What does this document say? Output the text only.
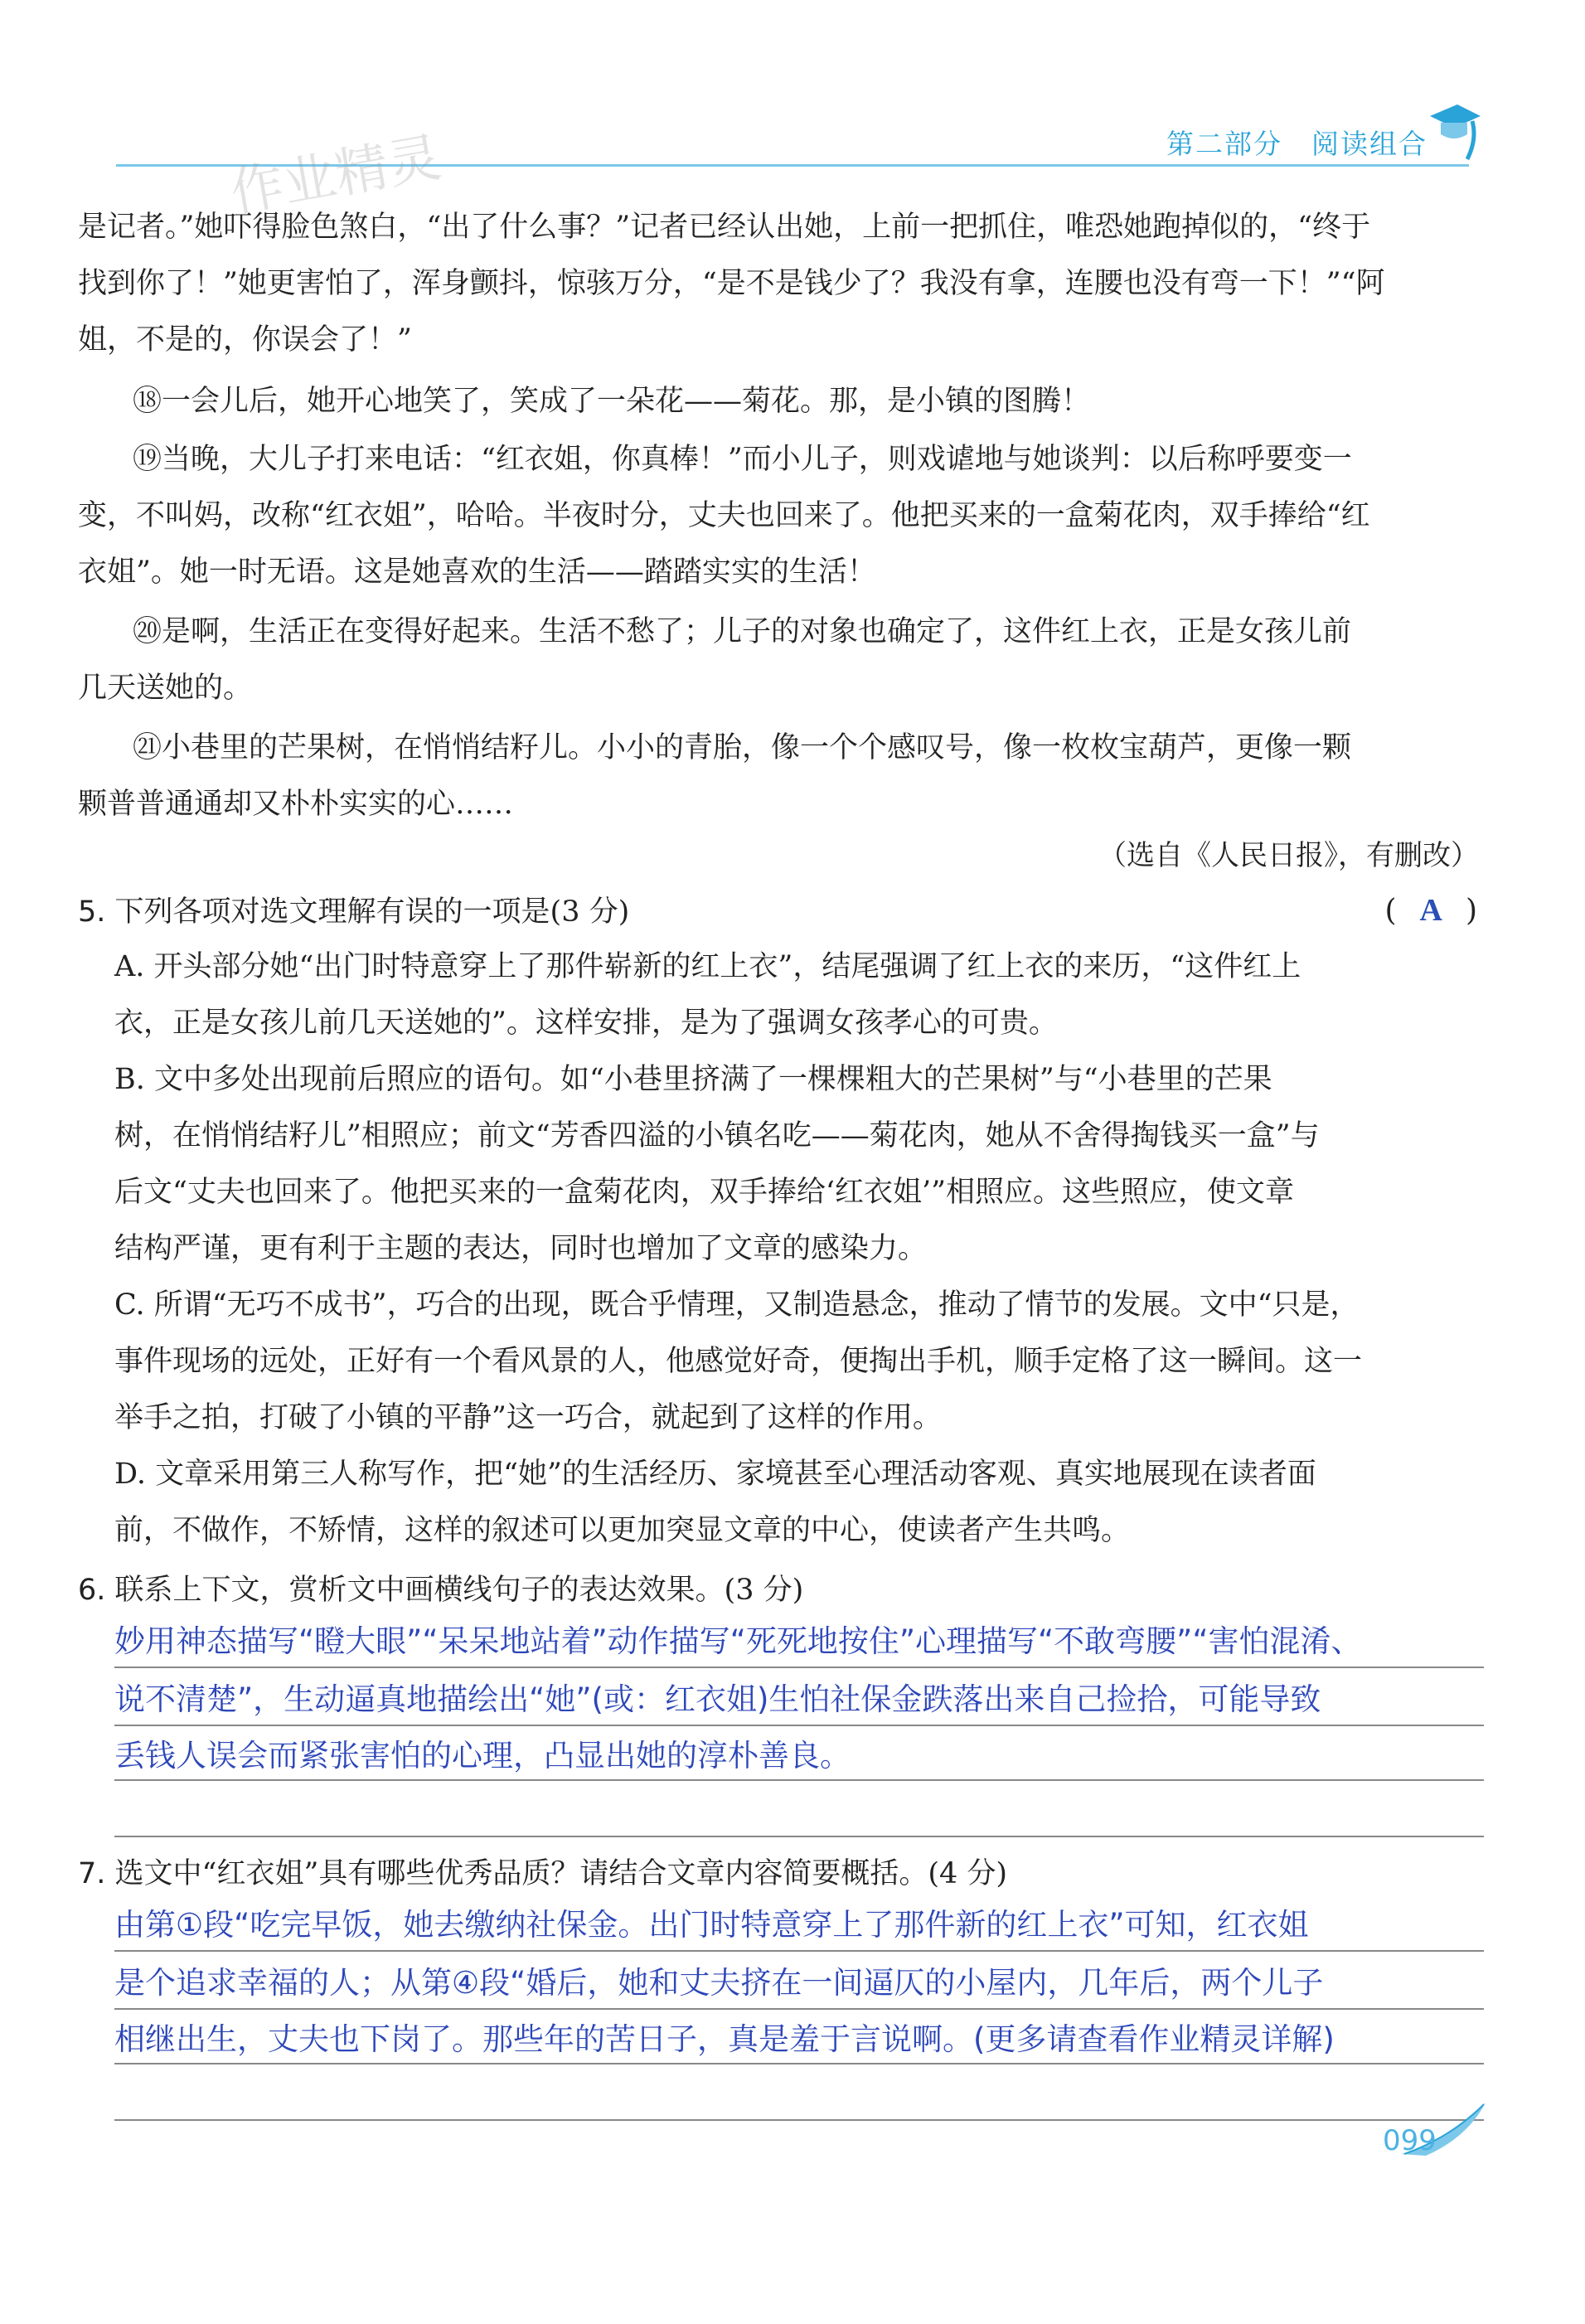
第二部分　阅读组合
作业精灵
是记者。”她吓得脸色煞白，“出了什么事？”记者已经认出她，上前一把抓住，唯恐她跑掉似的，“终于
找到你了！”她更害怕了，浑身颤抖，惊骇万分，“是不是钱少了？我没有拿，连腰也没有弯一下！”“阿
姐，不是的，你误会了！”
⑱一会儿后，她开心地笑了，笑成了一朵花——菊花。那，是小镇的图腾！
⑲当晚，大儿子打来电话：“红衣姐，你真棒！”而小儿子，则戏谑地与她谈判：以后称呼要变一
变，不叫妈，改称“红衣姐”，哈哈。半夜时分，丈夫也回来了。他把买来的一盒菊花肉，双手捧给“红
衣姐”。她一时无语。这是她喜欢的生活——踏踏实实的生活！
⑳是啊，生活正在变得好起来。生活不愁了；儿子的对象也确定了，这件红上衣，正是女孩儿前
几天送她的。
㉑小巷里的芒果树，在悄悄结籽儿。小小的青胎，像一个个感叹号，像一枚枚宝葫芦，更像一颗
颗普普通通却又朴朴实实的心……
（选自《人民日报》，有删改）
5. 下列各项对选文理解有误的一项是(3 分)	( A )
A. 开头部分她“出门时特意穿上了那件崭新的红上衣”，结尾强调了红上衣的来历，“这件红上
衣，正是女孩儿前几天送她的”。这样安排，是为了强调女孩孝心的可贵。
B. 文中多处出现前后照应的语句。如“小巷里挤满了一棵棵粗大的芒果树”与“小巷里的芒果
树，在悄悄结籽儿”相照应；前文“芳香四溢的小镇名吃——菊花肉，她从不舍得掏钱买一盒”与
后文“丈夫也回来了。他把买来的一盒菊花肉，双手捧给‘红衣姐’”相照应。这些照应，使文章
结构严谨，更有利于主题的表达，同时也增加了文章的感染力。
C. 所谓“无巧不成书”，巧合的出现，既合乎情理，又制造悬念，推动了情节的发展。文中“只是，
事件现场的远处，正好有一个看风景的人，他感觉好奇，便掏出手机，顺手定格了这一瞬间。这一
举手之拍，打破了小镇的平静”这一巧合，就起到了这样的作用。
D. 文章采用第三人称写作，把“她”的生活经历、家境甚至心理活动客观、真实地展现在读者面
前，不做作，不矫情，这样的叙述可以更加突显文章的中心，使读者产生共鸣。
6. 联系上下文，赏析文中画横线句子的表达效果。(3 分)
妙用神态描写“瞪大眼”“呆呆地站着”动作描写“死死地按住”心理描写“不敢弯腰”“害怕混淆、
说不清楚”，生动逼真地描绘出“她”(或：红衣姐)生怕社保金跌落出来自己捡拾，可能导致
丢钱人误会而紧张害怕的心理，凸显出她的淳朴善良。
7. 选文中“红衣姐”具有哪些优秀品质？请结合文章内容简要概括。(4 分)
由第①段“吃完早饭，她去缴纳社保金。出门时特意穿上了那件新的红上衣”可知，红衣姐
是个追求幸福的人；从第④段“婚后，她和丈夫挤在一间逼仄的小屋内，几年后，两个儿子
相继出生，丈夫也下岗了。那些年的苦日子，真是羞于言说啊。(更多请查看作业精灵详解)
099
